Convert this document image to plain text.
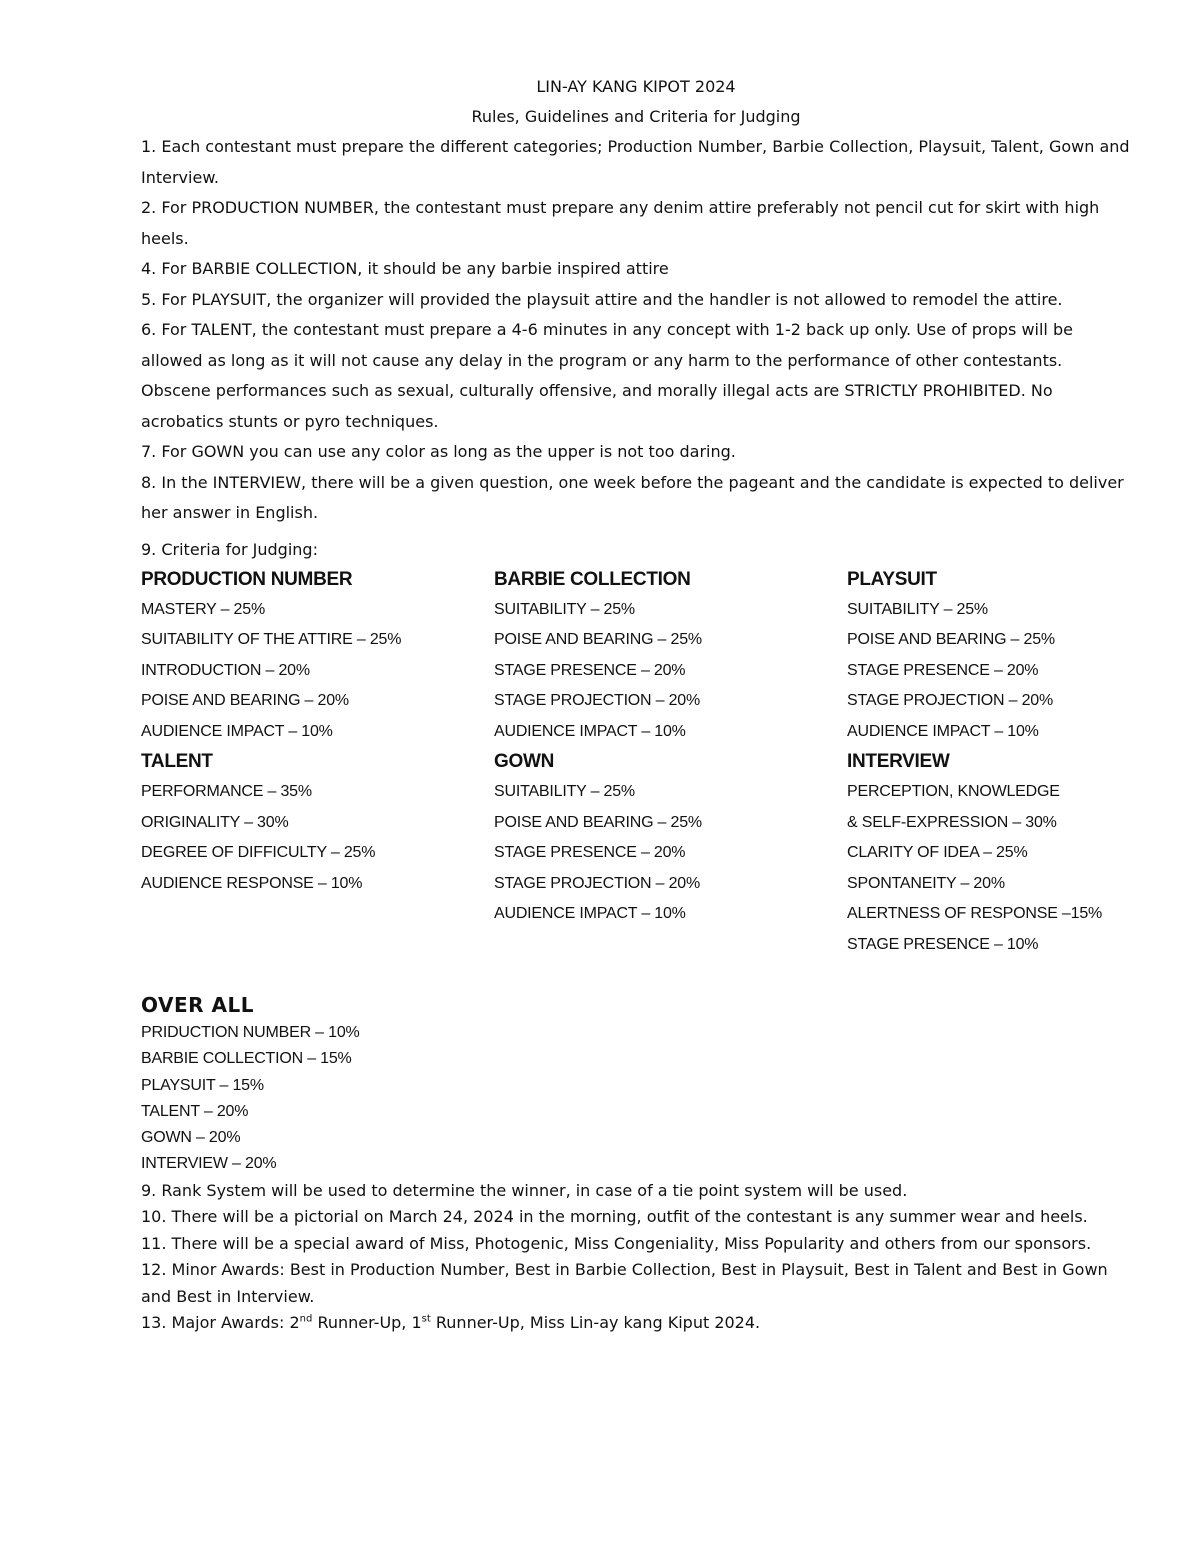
LIN-AY KANG KIPOT 2024
Rules, Guidelines and Criteria for Judging

1. Each contestant must prepare the different categories; Production Number, Barbie Collection, Playsuit, Talent, Gown and Interview.

2. For PRODUCTION NUMBER, the contestant must prepare any denim attire preferably not pencil cut for skirt with high heels.

4. For BARBIE COLLECTION, it should be any barbie inspired attire

5. For PLAYSUIT, the organizer will provided the playsuit attire and the handler is not allowed to remodel the attire.

6. For TALENT, the contestant must prepare a 4-6 minutes in any concept with 1-2 back up only. Use of props will be allowed as long as it will not cause any delay in the program or any harm to the performance of other contestants. Obscene performances such as sexual, culturally offensive, and morally illegal acts are STRICTLY PROHIBITED. No acrobatics stunts or pyro techniques.

7. For GOWN you can use any color as long as the upper is not too daring.

8. In the INTERVIEW, there will be a given question, one week before the pageant and the candidate is expected to deliver her answer in English.

9. Criteria for Judging:
PRODUCTION NUMBER
MASTERY – 25%
SUITABILITY OF THE ATTIRE – 25%
INTRODUCTION – 20%
POISE AND BEARING – 20%
AUDIENCE IMPACT – 10%
BARBIE COLLECTION
SUITABILITY – 25%
POISE AND BEARING – 25%
STAGE PRESENCE – 20%
STAGE PROJECTION – 20%
AUDIENCE IMPACT – 10%
PLAYSUIT
SUITABILITY – 25%
POISE AND BEARING – 25%
STAGE PRESENCE – 20%
STAGE PROJECTION – 20%
AUDIENCE IMPACT – 10%
TALENT
PERFORMANCE – 35%
ORIGINALITY – 30%
DEGREE OF DIFFICULTY – 25%
AUDIENCE RESPONSE – 10%
GOWN
SUITABILITY – 25%
POISE AND BEARING – 25%
STAGE PRESENCE – 20%
STAGE PROJECTION – 20%
AUDIENCE IMPACT – 10%
INTERVIEW
PERCEPTION, KNOWLEDGE
& SELF-EXPRESSION – 30%
CLARITY OF IDEA – 25%
SPONTANEITY – 20%
ALERTNESS OF RESPONSE –15%
STAGE PRESENCE – 10%
OVER ALL
PRIDUCTION NUMBER – 10%
BARBIE COLLECTION – 15%
PLAYSUIT – 15%
TALENT – 20%
GOWN – 20%
INTERVIEW – 20%

9. Rank System will be used to determine the winner, in case of a tie point system will be used.

10. There will be a pictorial on March 24, 2024 in the morning, outfit of the contestant is any summer wear and heels.

11. There will be a special award of Miss, Photogenic, Miss Congeniality, Miss Popularity and others from our sponsors.

12. Minor Awards: Best in Production Number, Best in Barbie Collection, Best in Playsuit, Best in Talent and Best in Gown and Best in Interview.

13. Major Awards: 2nd Runner-Up, 1st Runner-Up, Miss Lin-ay kang Kiput 2024.
